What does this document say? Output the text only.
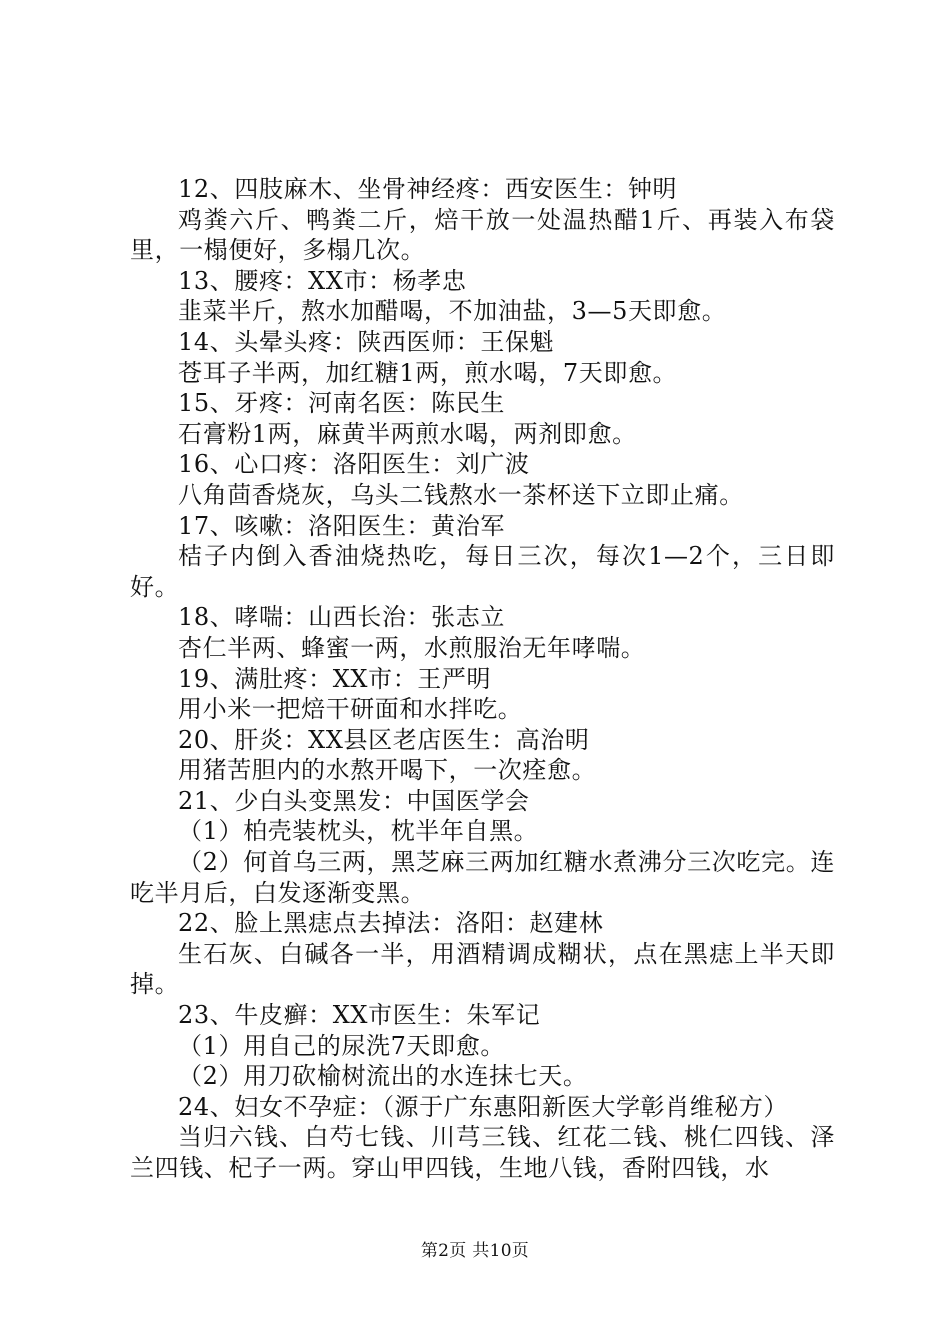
12、四肢麻木、坐骨神经疼：西安医生：钟明

鸡粪六斤、鸭粪二斤，焙干放一处温热醋1斤、再装入布袋里，一榻便好，多榻几次。

13、腰疼：XX市：杨孝忠

韭菜半斤，熬水加醋喝，不加油盐，3—5天即愈。

14、头晕头疼：陕西医师：王保魁

苍耳子半两，加红糖1两，煎水喝，7天即愈。

15、牙疼：河南名医：陈民生

石膏粉1两，麻黄半两煎水喝，两剂即愈。

16、心口疼：洛阳医生：刘广波

八角茴香烧灰，乌头二钱熬水一茶杯送下立即止痛。

17、咳嗽：洛阳医生：黄治军

桔子内倒入香油烧热吃，每日三次，每次1—2个，三日即好。

18、哮喘：山西长治：张志立

杏仁半两、蜂蜜一两，水煎服治无年哮喘。

19、满肚疼：XX市：王严明

用小米一把焙干研面和水拌吃。

20、肝炎：XX县区老店医生：高治明

用猪苦胆内的水熬开喝下，一次痊愈。

21、少白头变黑发：中国医学会

（1）柏壳装枕头，枕半年自黑。

（2）何首乌三两，黑芝麻三两加红糖水煮沸分三次吃完。连吃半月后，白发逐渐变黑。

22、脸上黑痣点去掉法：洛阳：赵建林

生石灰、白碱各一半，用酒精调成糊状，点在黑痣上半天即掉。

23、牛皮癣：XX市医生：朱军记

（1）用自己的尿洗7天即愈。

（2）用刀砍榆树流出的水连抹七天。

24、妇女不孕症：（源于广东惠阳新医大学彰肖维秘方）

当归六钱、白芍七钱、川芎三钱、红花二钱、桃仁四钱、泽兰四钱、杞子一两。穿山甲四钱，生地八钱，香附四钱，水

第2页 共10页
